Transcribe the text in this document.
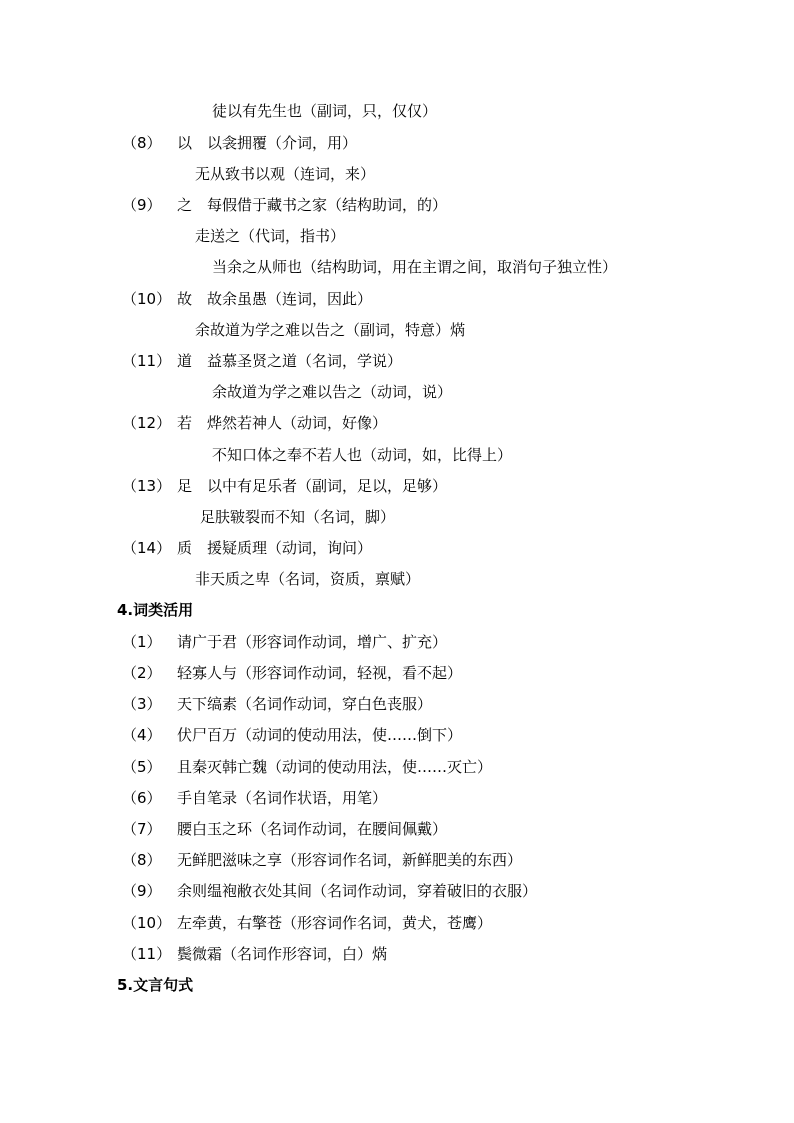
徒以有先生也（副词，只，仅仅）
（8） 以　以衾拥覆（介词，用）
无从致书以观（连词，来）
（9） 之　每假借于藏书之家（结构助词，的）
走送之（代词，指书）
当余之从师也（结构助词，用在主谓之间，取消句子独立性）
（10） 故　故余虽愚（连词，因此）
余故道为学之难以告之（副词，特意）焫
（11） 道　益慕圣贤之道（名词，学说）
余故道为学之难以告之（动词，说）
（12） 若　烨然若神人（动词，好像）
不知口体之奉不若人也（动词，如，比得上）
（13） 足　以中有足乐者（副词，足以，足够）
足肤皲裂而不知（名词，脚）
（14） 质　援疑质理（动词，询问）
非天质之卑（名词，资质，禀赋）
4.词类活用
（1） 请广于君（形容词作动词，增广、扩充）
（2） 轻寡人与（形容词作动词，轻视，看不起）
（3） 天下缟素（名词作动词，穿白色丧服）
（4） 伏尸百万（动词的使动用法，使……倒下）
（5） 且秦灭韩亡魏（动词的使动用法，使……灭亡）
（6） 手自笔录（名词作状语，用笔）
（7） 腰白玉之环（名词作动词，在腰间佩戴）
（8） 无鲜肥滋味之享（形容词作名词，新鲜肥美的东西）
（9） 余则缊袍敝衣处其间（名词作动词，穿着破旧的衣服）
（10） 左牵黄，右擎苍（形容词作名词，黄犬，苍鹰）
（11） 鬓微霜（名词作形容词，白）焫
5.文言句式
